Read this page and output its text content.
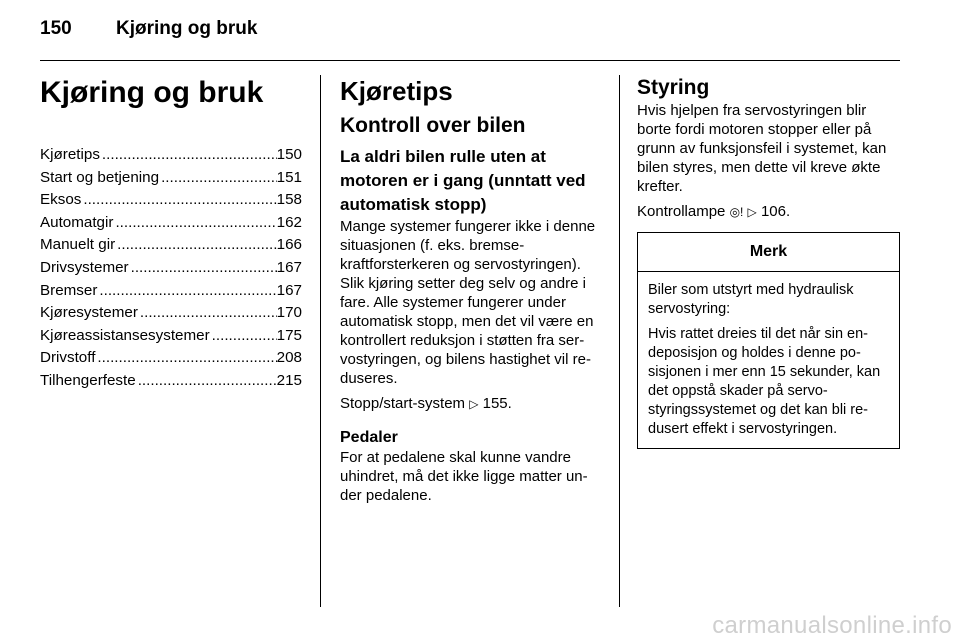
150 Kjøring og bruk
Kjøring og bruk
Kjøretips .....	150
Start og betjening .....	151
Eksos .....	158
Automatgir .....	162
Manuelt gir .....	166
Drivsystemer .....	167
Bremser .....	167
Kjøresystemer .....	170
Kjøreassistansesystemer .....	175
Drivstoff .....	208
Tilhengerfeste .....	215
Kjøretips
Kontroll over bilen
La aldri bilen rulle uten at motoren er i gang (unntatt ved automatisk stopp)

Mange systemer fungerer ikke i denne situasjonen (f. eks. bremse-kraftforsterkeren og servostyringen). Slik kjøring setter deg selv og andre i fare. Alle systemer fungerer under automatisk stopp, men det vil være en kontrollert reduksjon i støtten fra ser-vostyringen, og bilens hastighet vil re-duseres.

Stopp/start-system ▷ 155.

Pedaler

For at pedalene skal kunne vandre uhindret, må det ikke ligge matter un-der pedalene.

Styring

Hvis hjelpen fra servostyringen blir borte fordi motoren stopper eller på grunn av funksjonsfeil i systemet, kan bilen styres, men dette vil kreve økte krefter.

Kontrollampe ◎! ▷ 106.

Merk

Biler som utstyrt med hydraulisk servostyring:

Hvis rattet dreies til det når sin en-deposisjon og holdes i denne po-sisjonen i mer enn 15 sekunder, kan det oppstå skader på servo-styringssystemet og det kan bli re-dusert effekt i servostyringen.

carmanualsonline.info
